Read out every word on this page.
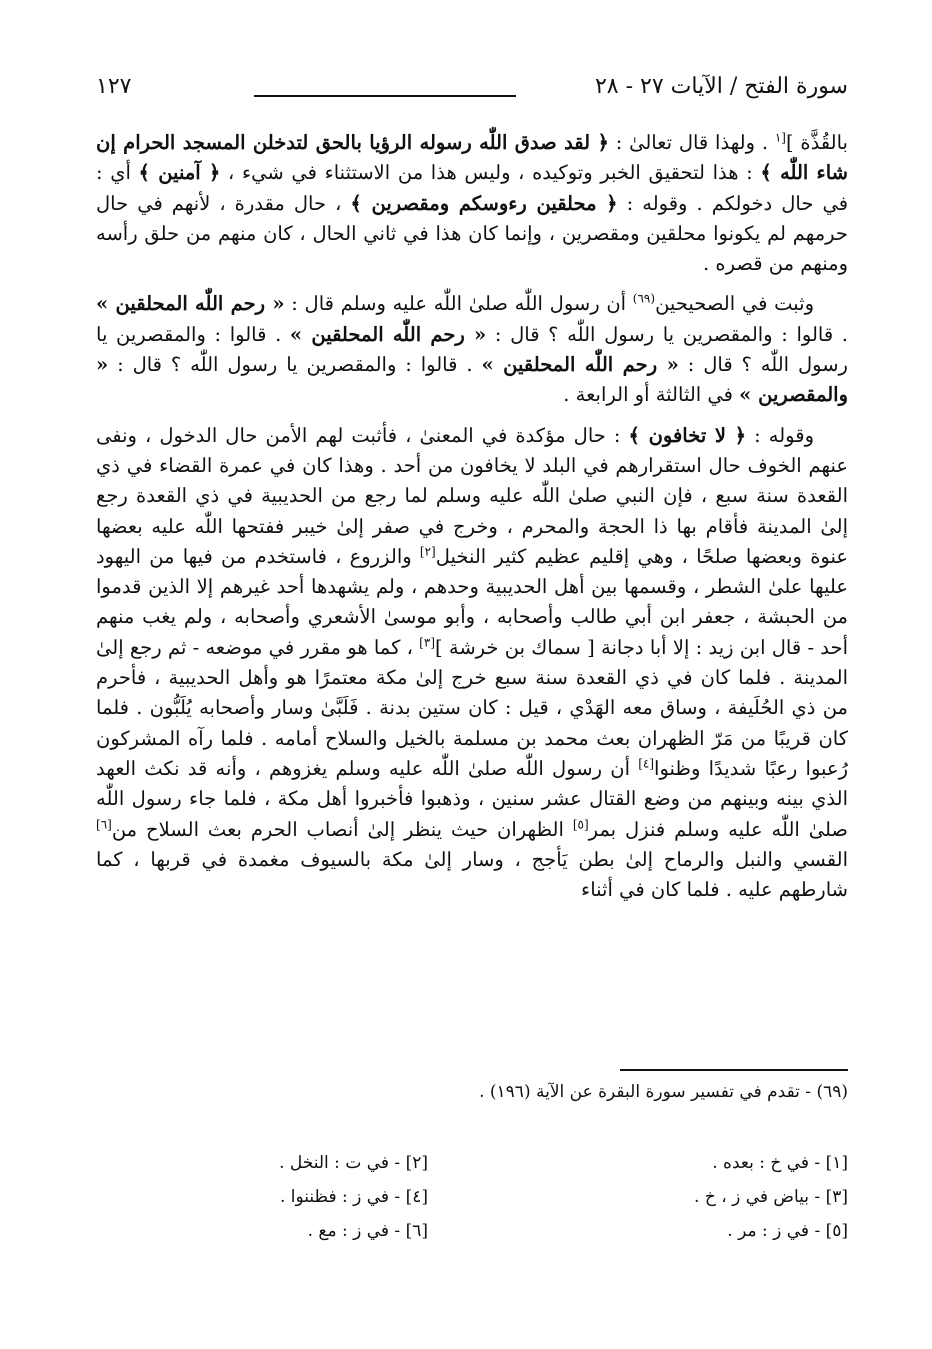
سورة الفتح / الآيات ٢٧ - ٢٨
١٢٧

بالقُذَّة ]$^{[١}$ . ولهذا قال تعالىٰ : ﴿ لقد صدق اللّٰه رسوله الرؤيا بالحق لتدخلن المسجد الحرام إن شاء اللّٰه ﴾ : هذا لتحقيق الخبر وتوكيده ، وليس هذا من الاستثناء في شيء ، ﴿ آمنين ﴾ أي : في حال دخولكم . وقوله : ﴿ محلقين رءوسكم ومقصرين ﴾ ، حال مقدرة ، لأنهم في حال حرمهم لم يكونوا محلقين ومقصرين ، وإنما كان هذا في ثاني الحال ، كان منهم من حلق رأسه ومنهم من قصره .

وثبت في الصحيحين$^{(٦٩)}$ أن رسول اللّٰه صلىٰ اللّٰه عليه وسلم قال : « رحم اللّٰه المحلقين » . قالوا : والمقصرين يا رسول اللّٰه ؟ قال : « رحم اللّٰه المحلقين » . قالوا : والمقصرين يا رسول اللّٰه ؟ قال : « رحم اللّٰه المحلقين » . قالوا : والمقصرين يا رسول اللّٰه ؟ قال : « والمقصرين » في الثالثة أو الرابعة .

وقوله : ﴿ لا تخافون ﴾ : حال مؤكدة في المعنىٰ ، فأثبت لهم الأمن حال الدخول ، ونفى عنهم الخوف حال استقرارهم في البلد لا يخافون من أحد . وهذا كان في عمرة القضاء في ذي القعدة سنة سبع ، فإن النبي صلىٰ اللّٰه عليه وسلم لما رجع من الحديبية في ذي القعدة رجع إلىٰ المدينة فأقام بها ذا الحجة والمحرم ، وخرج في صفر إلىٰ خيبر ففتحها اللّٰه عليه بعضها عنوة وبعضها صلحًا ، وهي إقليم عظيم كثير النخيل[٢] والزروع ، فاستخدم من فيها من اليهود عليها علىٰ الشطر ، وقسمها بين أهل الحديبية وحدهم ، ولم يشهدها أحد غيرهم إلا الذين قدموا من الحبشة ، جعفر ابن أبي طالب وأصحابه ، وأبو موسىٰ الأشعري وأصحابه ، ولم يغب منهم أحد - قال ابن زيد : إلا أبا دجانة [ سماك بن خرشة ][٣] ، كما هو مقرر في موضعه - ثم رجع إلىٰ المدينة . فلما كان في ذي القعدة سنة سبع خرج إلىٰ مكة معتمرًا هو وأهل الحديبية ، فأحرم من ذي الحُلَيفة ، وساق معه الهَدْي ، قيل : كان ستين بدنة . فَلَبَّىٰ وسار وأصحابه يُلَبُّون . فلما كان قريبًا من مَرّ الظهران بعث محمد بن مسلمة بالخيل والسلاح أمامه . فلما رآه المشركون رُعبوا رعبًا شديدًا وظنوا[٤] أن رسول اللّٰه صلىٰ اللّٰه عليه وسلم يغزوهم ، وأنه قد نكث العهد الذي بينه وبينهم من وضع القتال عشر سنين ، وذهبوا فأخبروا أهل مكة ، فلما جاء رسول اللّٰه صلىٰ اللّٰه عليه وسلم فنزل بمر[٥] الظهران حيث ينظر إلىٰ أنصاب الحرم بعث السلاح من[٦] القسي والنبل والرماح إلىٰ بطن يَأجج ، وسار إلىٰ مكة بالسيوف مغمدة في قربها ، كما شارطهم عليه . فلما كان في أثناء

(٦٩) - تقدم في تفسير سورة البقرة عن الآية (١٩٦) .
[١] - في خ : بعده .
[٣] - بياض في ز ، خ .
[٥] - في ز : مر .
[٢] - في ت : النخل .
[٤] - في ز : فظننوا .
[٦] - في ز : مع .
